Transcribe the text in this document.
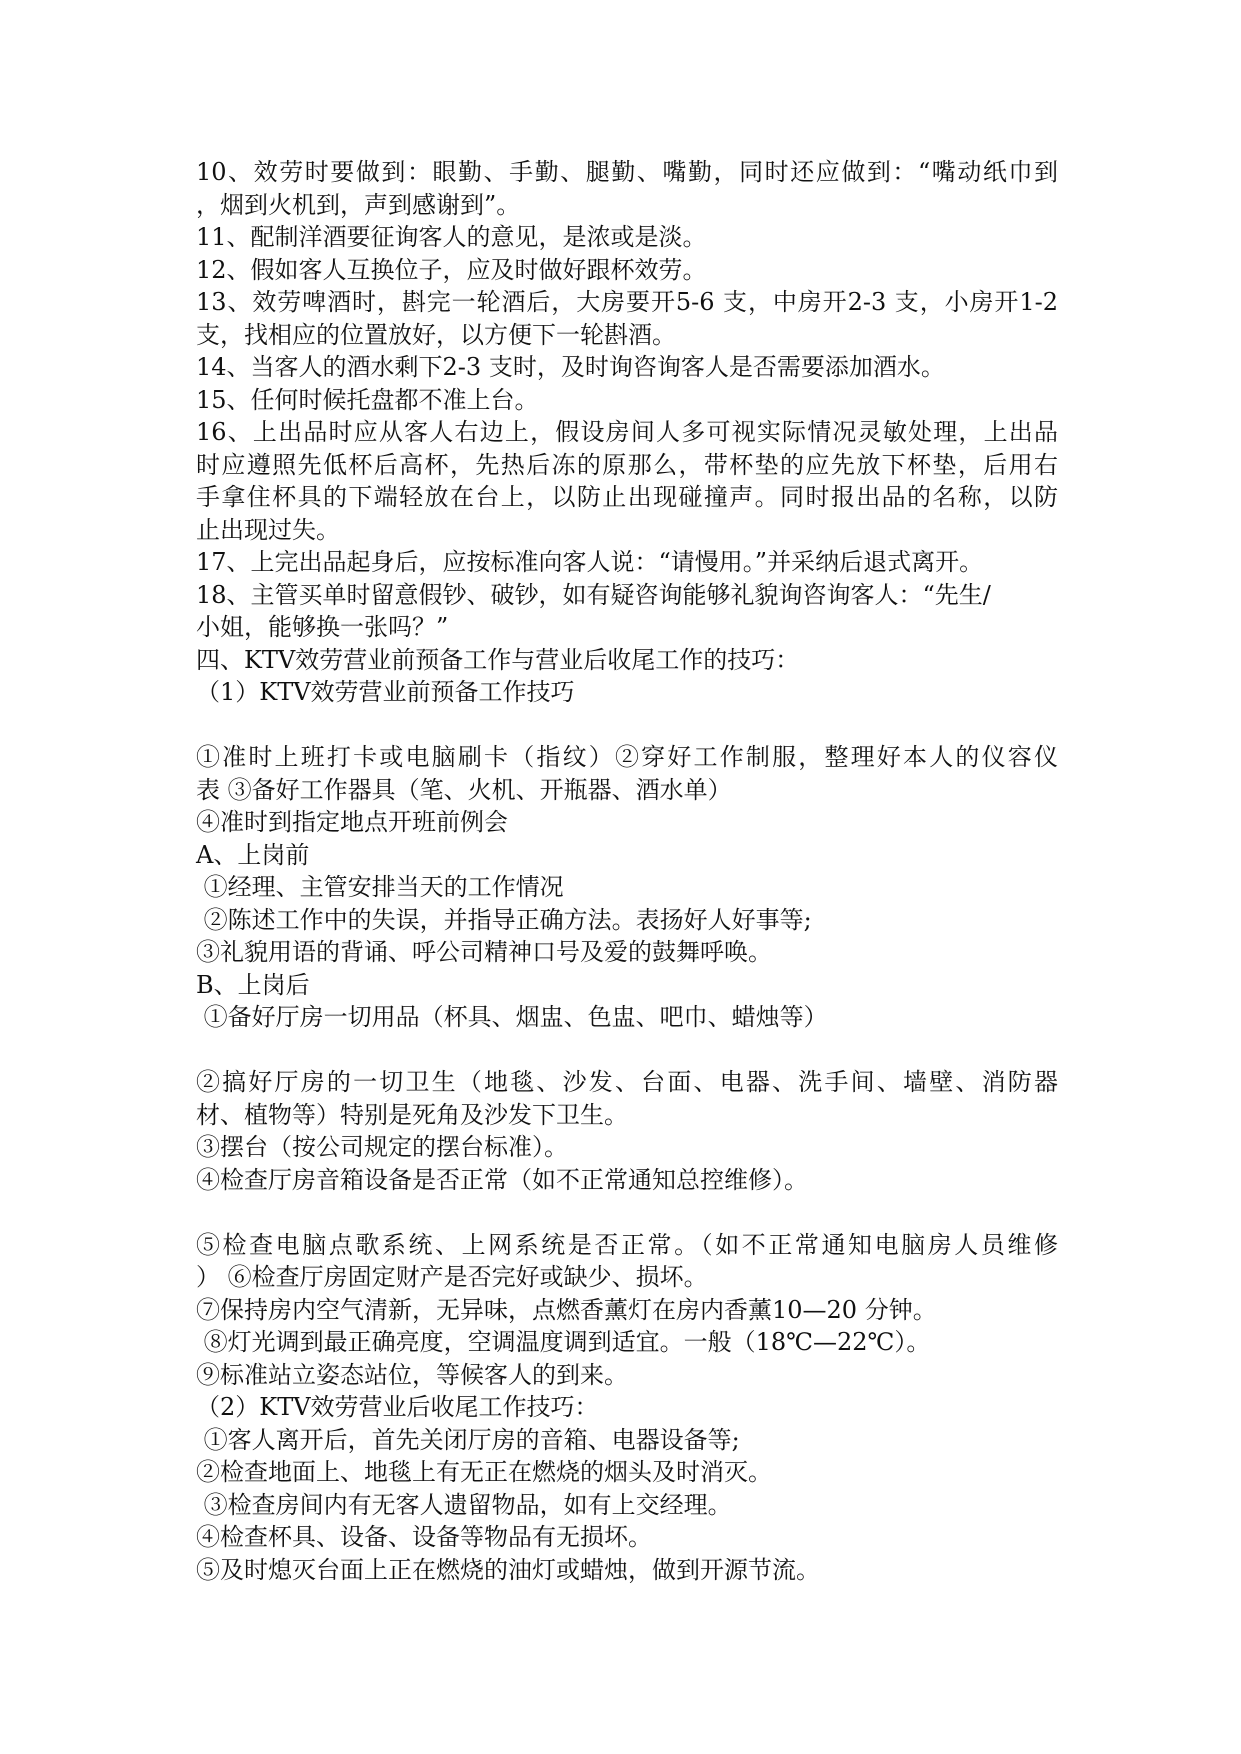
10、效劳时要做到：眼勤、手勤、腿勤、嘴勤，同时还应做到：“嘴动纸巾到
，烟到火机到，声到感谢到”。
11、配制洋酒要征询客人的意见，是浓或是淡。
12、假如客人互换位子，应及时做好跟杯效劳。
13、效劳啤酒时，斟完一轮酒后，大房要开5-6 支，中房开2-3 支，小房开1-2
支，找相应的位置放好，以方便下一轮斟酒。
14、当客人的酒水剩下2-3 支时，及时询咨询客人是否需要添加酒水。
15、任何时候托盘都不准上台。
16、上出品时应从客人右边上，假设房间人多可视实际情况灵敏处理，上出品
时应遵照先低杯后高杯，先热后冻的原那么，带杯垫的应先放下杯垫，后用右
手拿住杯具的下端轻放在台上，以防止出现碰撞声。同时报出品的名称，以防
止出现过失。
17、上完出品起身后，应按标准向客人说：“请慢用。”并采纳后退式离开。
18、主管买单时留意假钞、破钞，如有疑咨询能够礼貌询咨询客人：“先生/
小姐，能够换一张吗？”
四、KTV效劳营业前预备工作与营业后收尾工作的技巧：
（1）KTV效劳营业前预备工作技巧
①准时上班打卡或电脑刷卡（指纹）②穿好工作制服，整理好本人的仪容仪
表 ③备好工作器具（笔、火机、开瓶器、酒水单）
④准时到指定地点开班前例会
A、上岗前
①经理、主管安排当天的工作情况
②陈述工作中的失误，并指导正确方法。表扬好人好事等;
③礼貌用语的背诵、呼公司精神口号及爱的鼓舞呼唤。
B、上岗后
①备好厅房一切用品（杯具、烟盅、色盅、吧巾、蜡烛等）
②搞好厅房的一切卫生（地毯、沙发、台面、电器、洗手间、墙壁、消防器
材、植物等）特别是死角及沙发下卫生。
③摆台（按公司规定的摆台标准）。
④检查厅房音箱设备是否正常（如不正常通知总控维修）。
⑤检查电脑点歌系统、上网系统是否正常。（如不正常通知电脑房人员维修
） ⑥检查厅房固定财产是否完好或缺少、损坏。
⑦保持房内空气清新，无异味，点燃香薰灯在房内香薰10—20 分钟。
⑧灯光调到最正确亮度，空调温度调到适宜。一般（18℃—22℃）。
⑨标准站立姿态站位，等候客人的到来。
（2）KTV效劳营业后收尾工作技巧：
①客人离开后，首先关闭厅房的音箱、电器设备等;
②检查地面上、地毯上有无正在燃烧的烟头及时消灭。
③检查房间内有无客人遗留物品，如有上交经理。
④检查杯具、设备、设备等物品有无损坏。
⑤及时熄灭台面上正在燃烧的油灯或蜡烛，做到开源节流。
